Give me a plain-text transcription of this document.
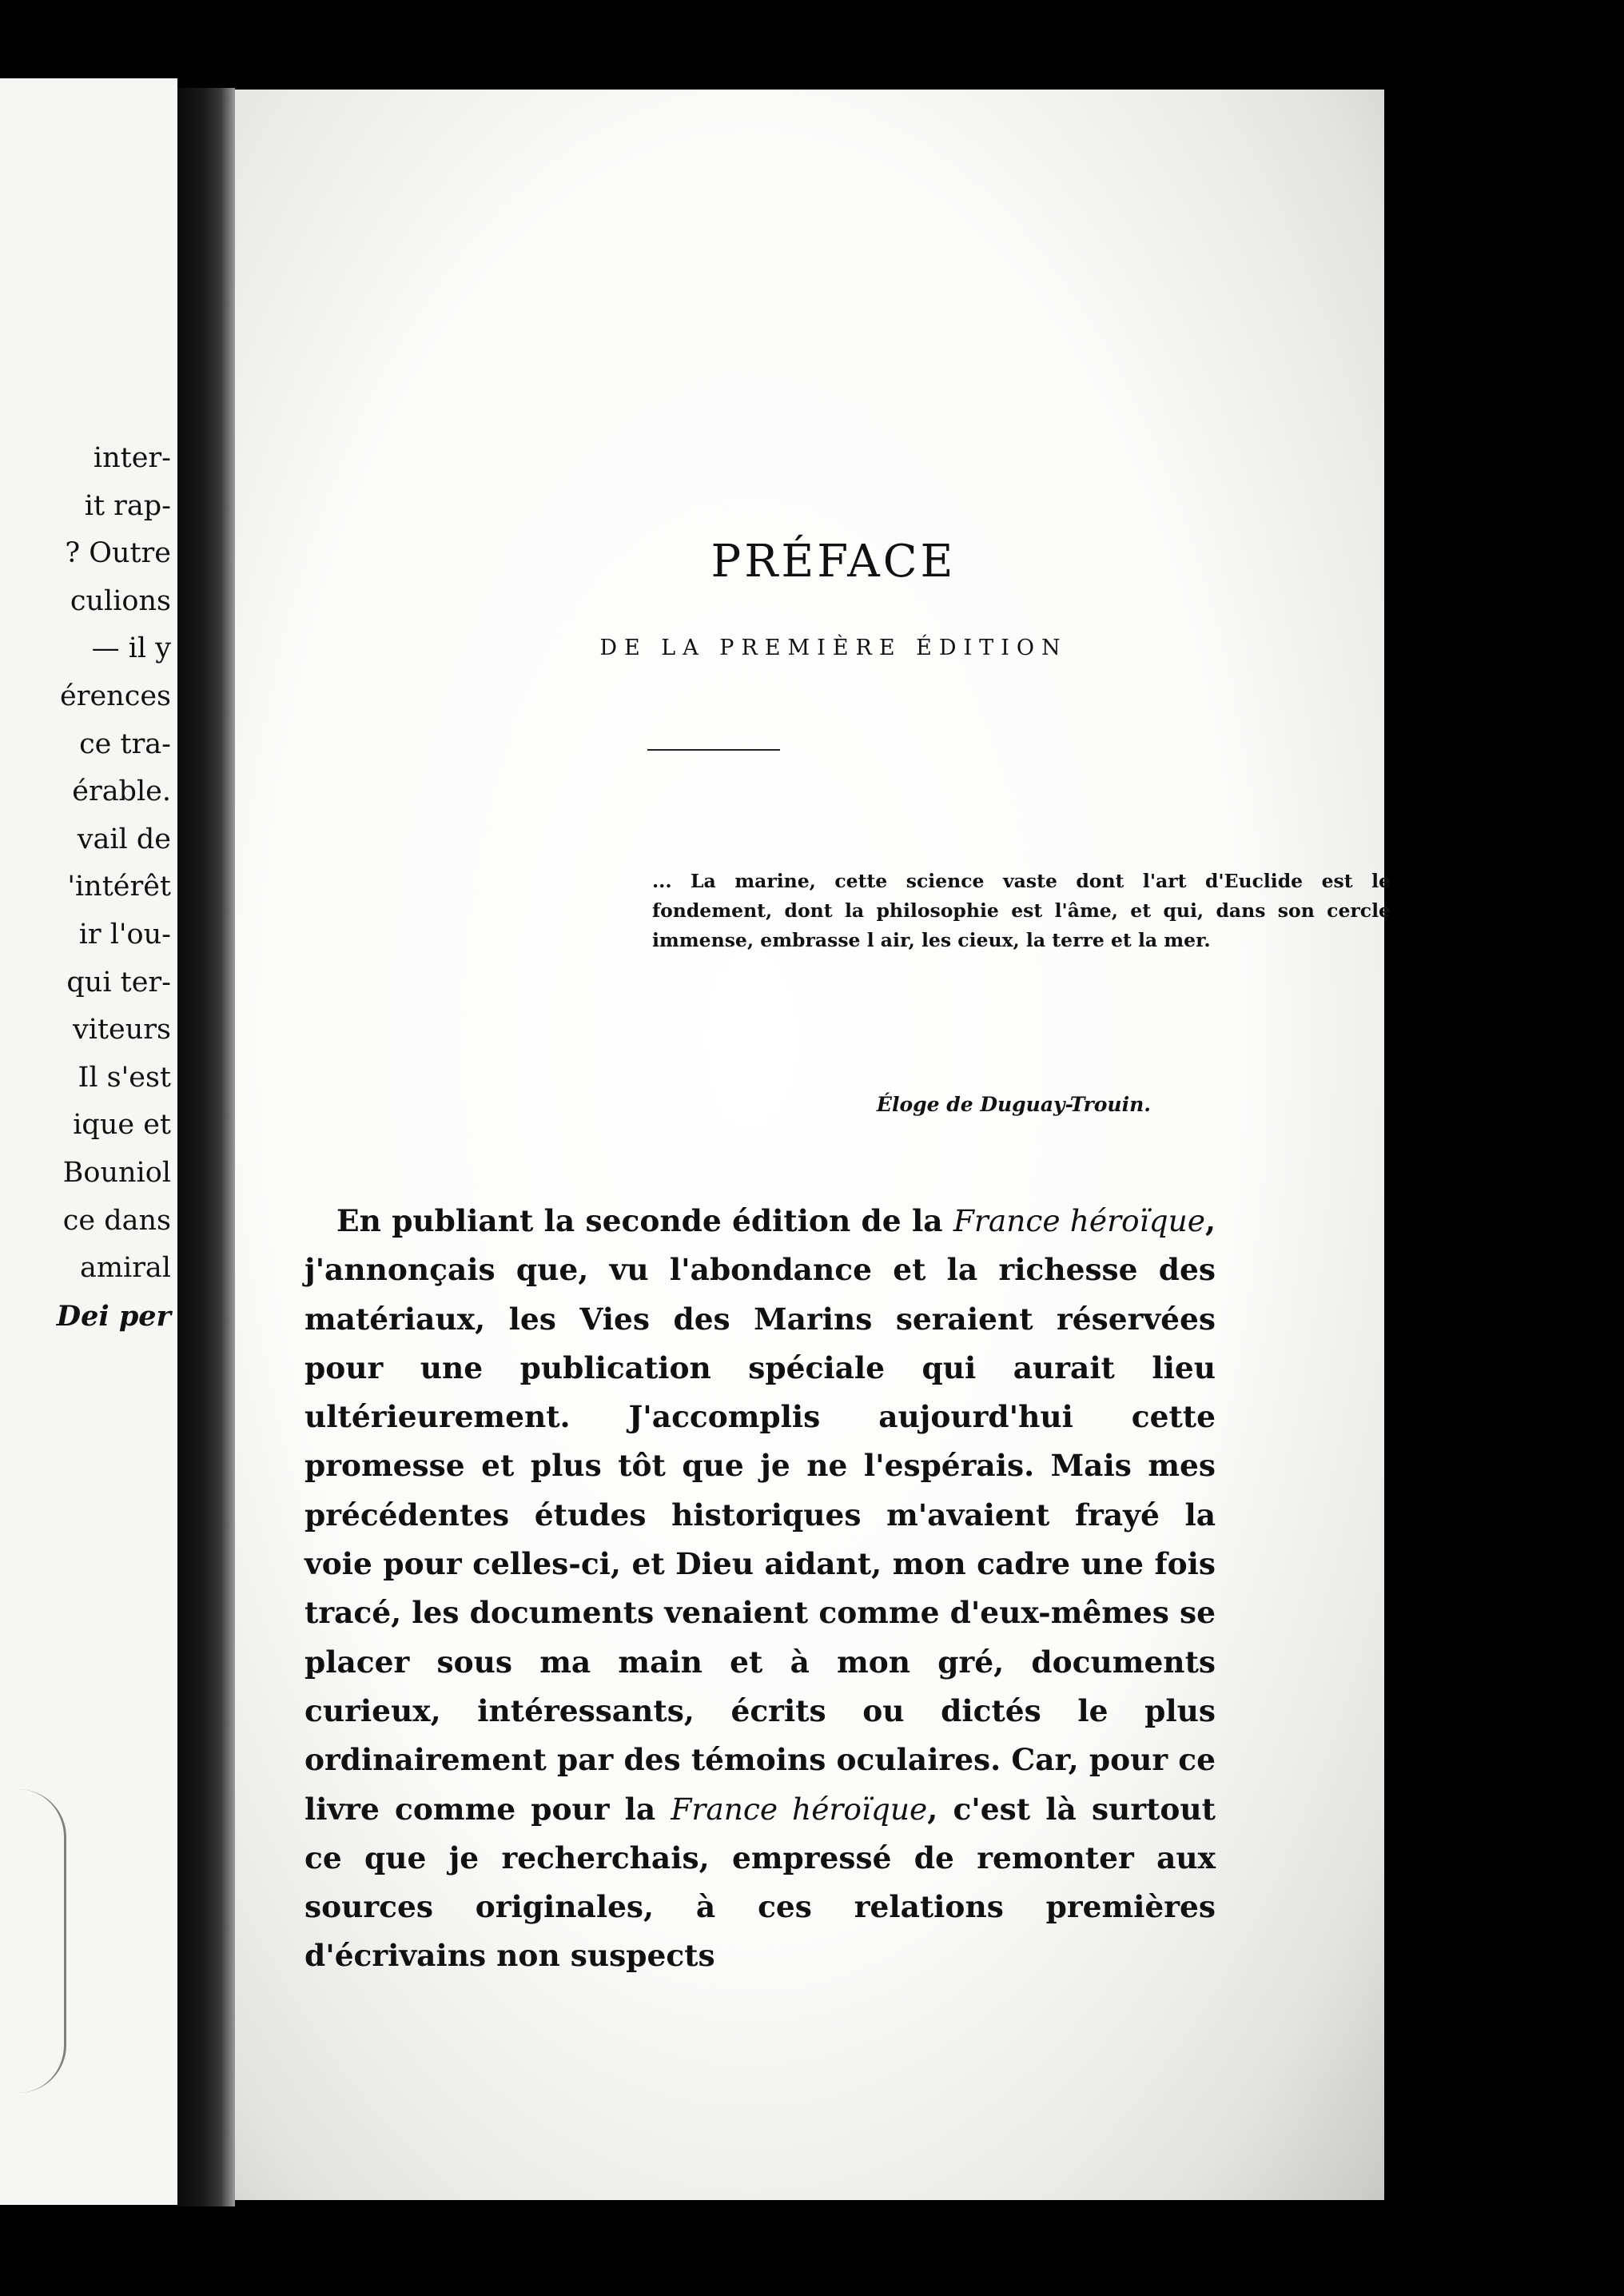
inter-
it rap-
? Outre
culions
— il y
érences
ce tra-
érable.
vail de
'intérêt
ir l'ou-
qui ter-
viteurs
Il s'est
ique et
Bouniol
ce dans
amiral
Dei per
PRÉFACE
DE LA PREMIÈRE ÉDITION
... La marine, cette science vaste dont l'art d'Euclide est le fondement, dont la philosophie est l'âme, et qui, dans son cercle immense, embrasse l air, les cieux, la terre et la mer.
Éloge de Duguay-Trouin.

En publiant la seconde édition de la France héroïque, j'annonçais que, vu l'abondance et la richesse des matériaux, les Vies des Marins seraient réservées pour une publication spéciale qui aurait lieu ultérieurement. J'accomplis aujourd'hui cette promesse et plus tôt que je ne l'espérais. Mais mes précédentes études historiques m'avaient frayé la voie pour celles-ci, et Dieu aidant, mon cadre une fois tracé, les documents venaient comme d'eux-mêmes se placer sous ma main et à mon gré, documents curieux, intéressants, écrits ou dictés le plus ordinairement par des témoins oculaires. Car, pour ce livre comme pour la France héroïque, c'est là surtout ce que je recherchais, empressé de remonter aux sources originales, à ces relations premières d'écrivains non suspects
